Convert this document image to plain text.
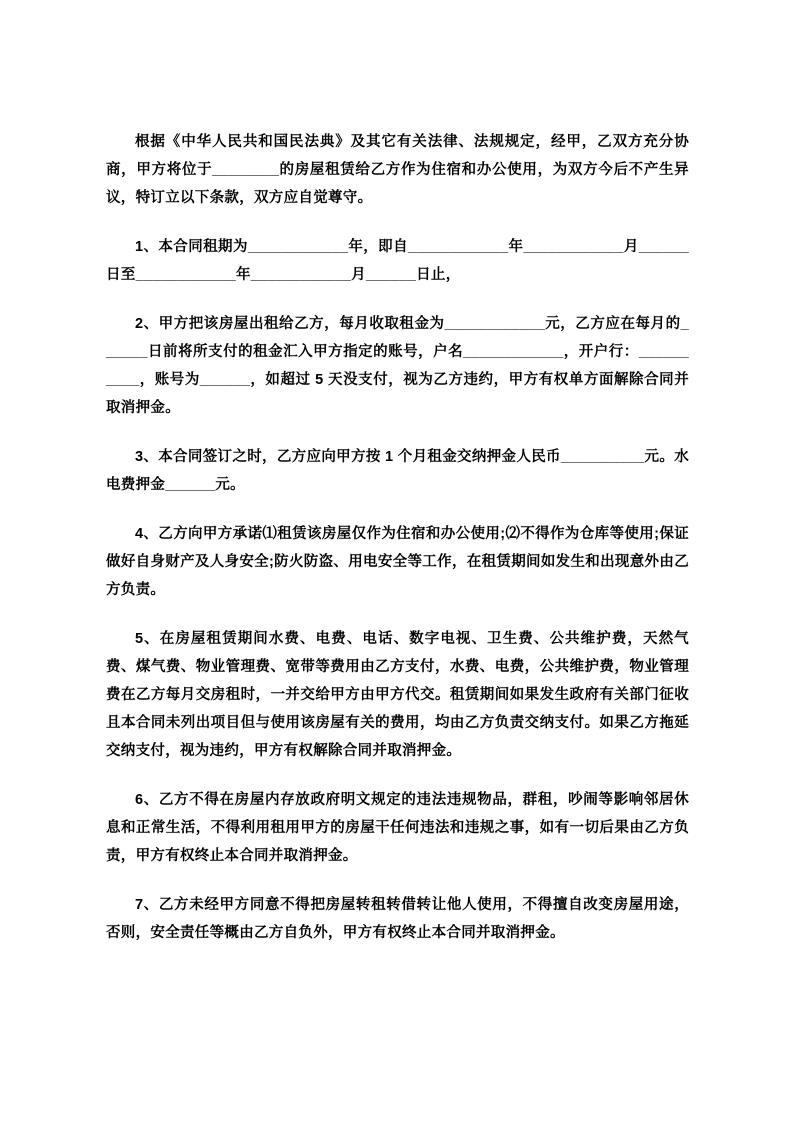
根据《中华人民共和国民法典》及其它有关法律、法规规定，经甲，乙双方充分协商，甲方将位于________的房屋租赁给乙方作为住宿和办公使用，为双方今后不产生异议，特订立以下条款，双方应自觉尊守。

1、本合同租期为____________年，即自____________年____________月______日至____________年____________月______日止，

2、甲方把该房屋出租给乙方，每月收取租金为____________元，乙方应在每月的______日前将所支付的租金汇入甲方指定的账号，户名____________，开户行：__________，账号为______，如超过 5 天没支付，视为乙方违约，甲方有权单方面解除合同并取消押金。

3、本合同签订之时，乙方应向甲方按 1 个月租金交纳押金人民币__________元。水电费押金______元。

4、乙方向甲方承诺⑴租赁该房屋仅作为住宿和办公使用;⑵不得作为仓库等使用;保证做好自身财产及人身安全;防火防盗、用电安全等工作，在租赁期间如发生和出现意外由乙方负责。

5、在房屋租赁期间水费、电费、电话、数字电视、卫生费、公共维护费，天然气费、煤气费、物业管理费、宽带等费用由乙方支付，水费、电费，公共维护费，物业管理费在乙方每月交房租时，一并交给甲方由甲方代交。租赁期间如果发生政府有关部门征收且本合同未列出项目但与使用该房屋有关的费用，均由乙方负责交纳支付。如果乙方拖延交纳支付，视为违约，甲方有权解除合同并取消押金。

6、乙方不得在房屋内存放政府明文规定的违法违规物品，群租，吵闹等影响邻居休息和正常生活，不得利用租用甲方的房屋干任何违法和违规之事，如有一切后果由乙方负责，甲方有权终止本合同并取消押金。

7、乙方未经甲方同意不得把房屋转租转借转让他人使用，不得擅自改变房屋用途，否则，安全责任等概由乙方自负外，甲方有权终止本合同并取消押金。
